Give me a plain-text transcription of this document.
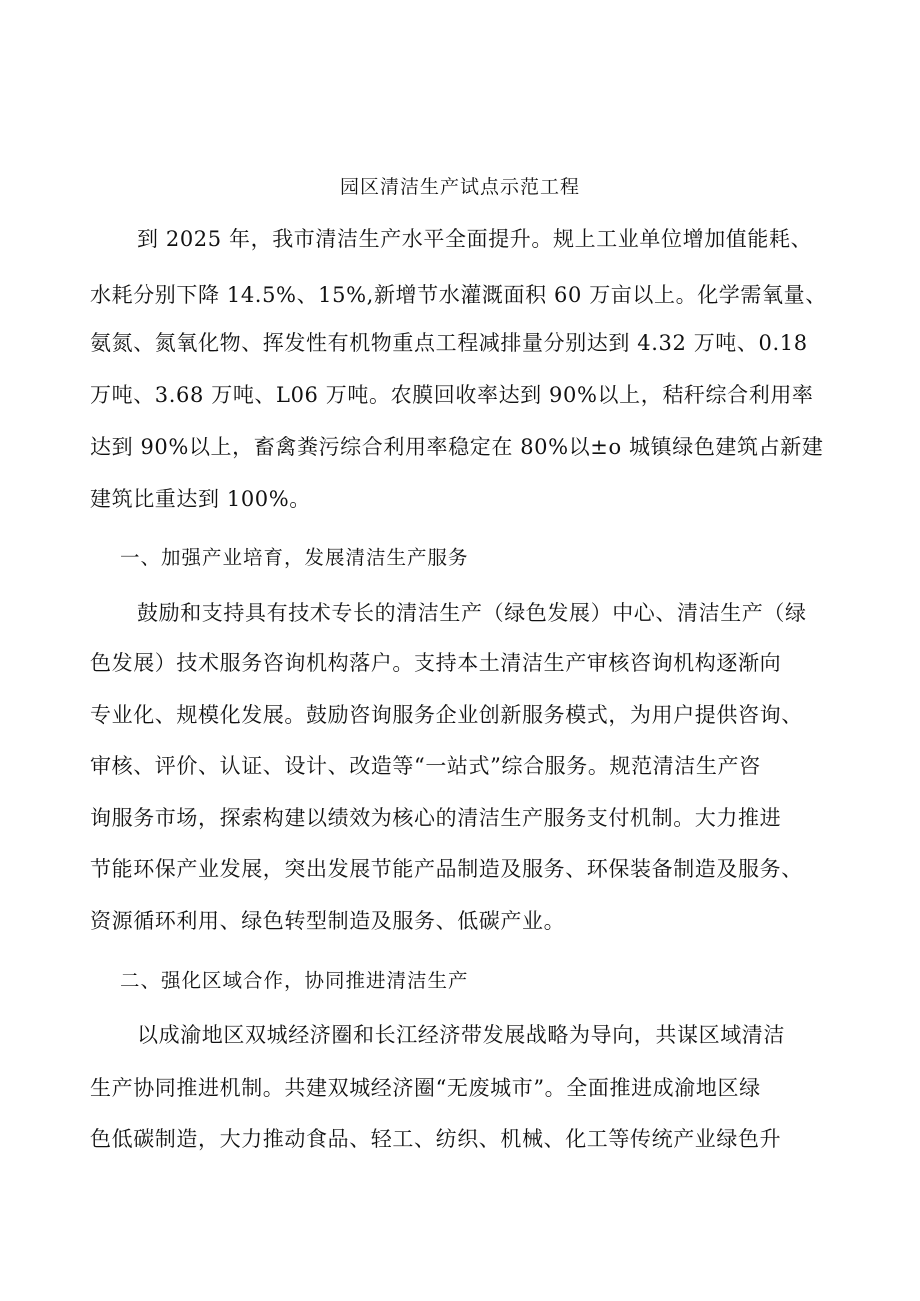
园区清洁生产试点示范工程
到 2025 年，我市清洁生产水平全面提升。规上工业单位增加值能耗、
水耗分别下降 14.5%、15%,新增节水灌溉面积 60 万亩以上。化学需氧量、
氨氮、氮氧化物、挥发性有机物重点工程减排量分别达到 4.32 万吨、0.18
万吨、3.68 万吨、L06 万吨。农膜回收率达到 90%以上，秸秆综合利用率
达到 90%以上，畜禽粪污综合利用率稳定在 80%以±o 城镇绿色建筑占新建
建筑比重达到 100%。
一、加强产业培育，发展清洁生产服务
鼓励和支持具有技术专长的清洁生产（绿色发展）中心、清洁生产（绿
色发展）技术服务咨询机构落户。支持本土清洁生产审核咨询机构逐渐向
专业化、规模化发展。鼓励咨询服务企业创新服务模式，为用户提供咨询、
审核、评价、认证、设计、改造等“一站式”综合服务。规范清洁生产咨
询服务市场，探索构建以绩效为核心的清洁生产服务支付机制。大力推进
节能环保产业发展，突出发展节能产品制造及服务、环保装备制造及服务、
资源循环利用、绿色转型制造及服务、低碳产业。
二、强化区域合作，协同推进清洁生产
以成渝地区双城经济圈和长江经济带发展战略为导向，共谋区域清洁
生产协同推进机制。共建双城经济圈“无废城市”。全面推进成渝地区绿
色低碳制造，大力推动食品、轻工、纺织、机械、化工等传统产业绿色升
